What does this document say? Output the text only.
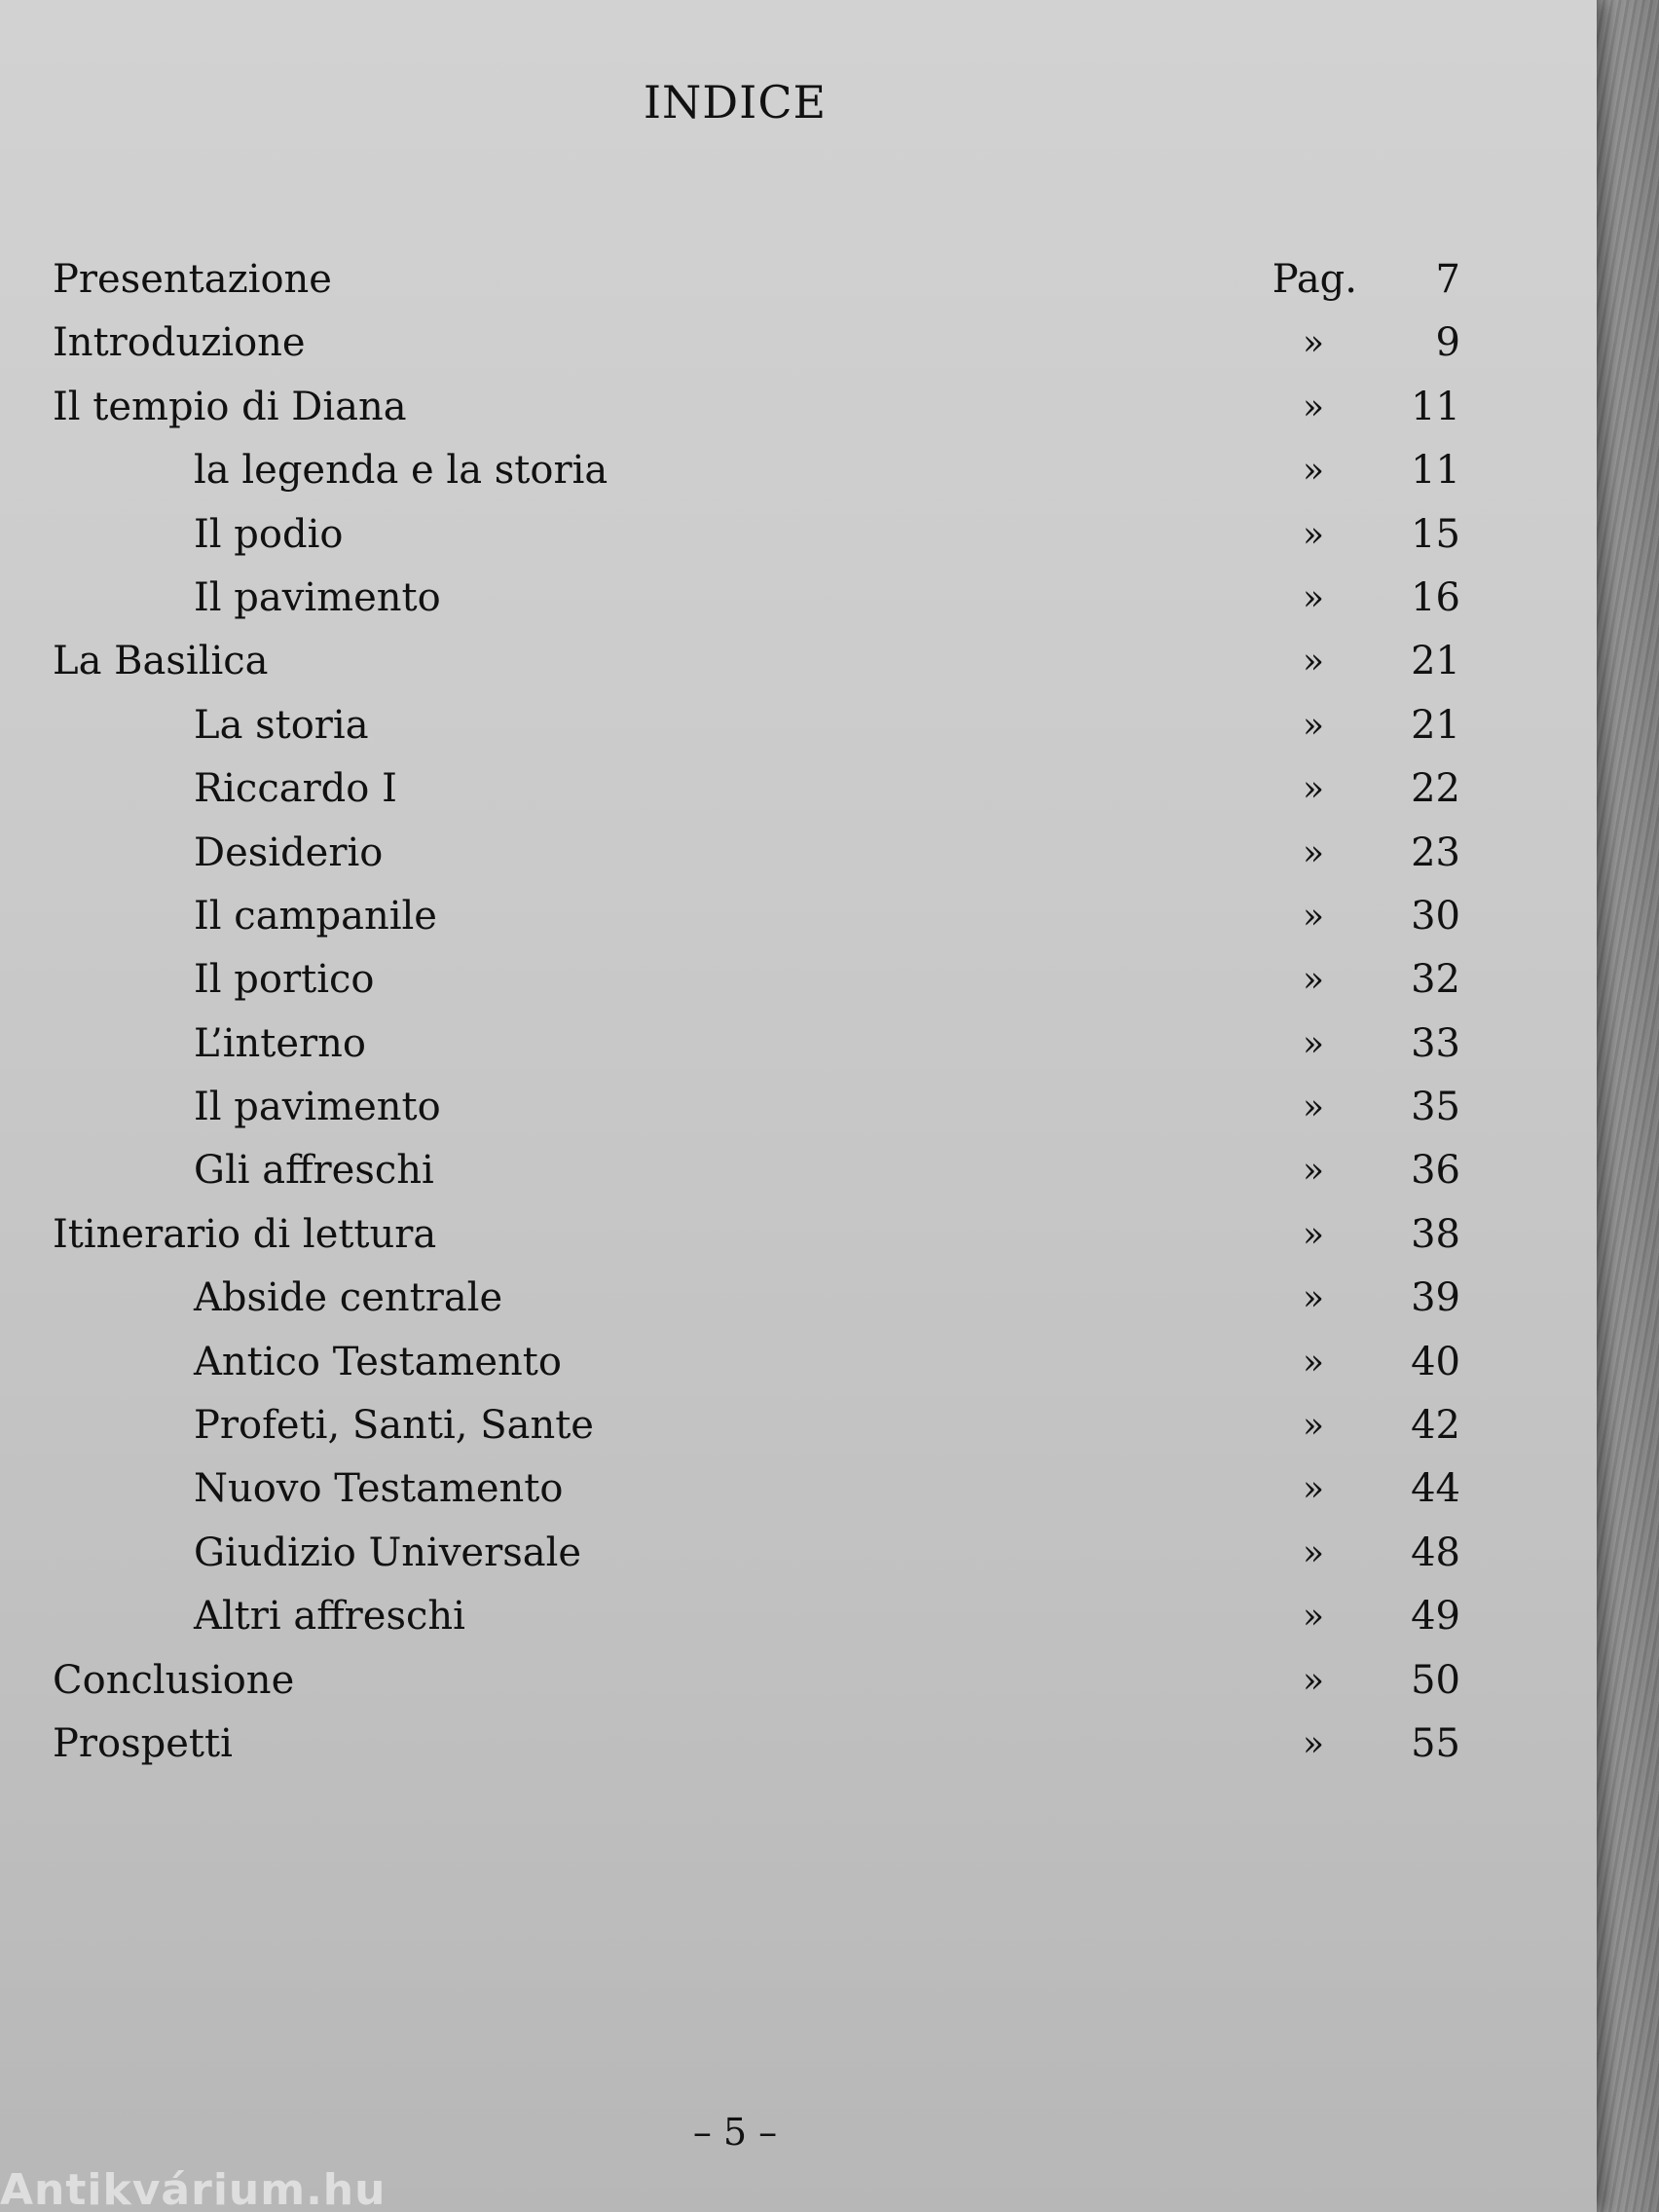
INDICE
Presentazione	Pag.	7
Introduzione	»	9
Il tempio di Diana	»	11
la legenda e la storia	»	11
Il podio	»	15
Il pavimento	»	16
La Basilica	»	21
La storia	»	21
Riccardo I	»	22
Desiderio	»	23
Il campanile	»	30
Il portico	»	32
L’interno	»	33
Il pavimento	»	35
Gli affreschi	»	36
Itinerario di lettura	»	38
Abside centrale	»	39
Antico Testamento	»	40
Profeti, Santi, Sante	»	42
Nuovo Testamento	»	44
Giudizio Universale	»	48
Altri affreschi	»	49
Conclusione	»	50
Prospetti	»	55

– 5 –

Antikvárium.hu
